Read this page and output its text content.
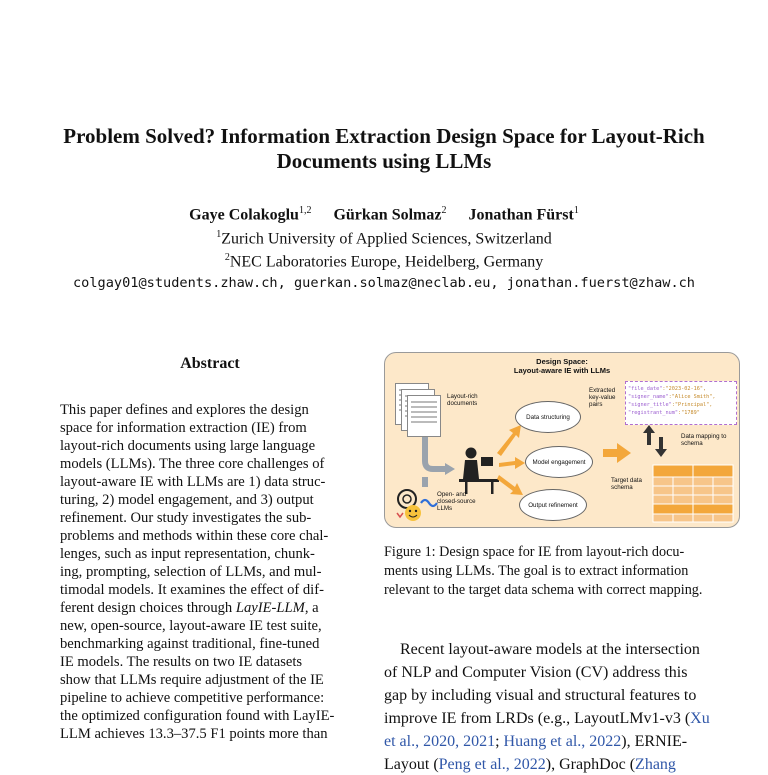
Problem Solved? Information Extraction Design Space for Layout-Rich
Documents using LLMs
Gaye Colakoglu$^{1,2}$ Gürkan Solmaz$^2$ Jonathan Fürst$^1$
$^1$Zurich University of Applied Sciences, Switzerland
$^2$NEC Laboratories Europe, Heidelberg, Germany
colgay01@students.zhaw.ch, guerkan.solmaz@neclab.eu, jonathan.fuerst@zhaw.ch
Abstract
This paper defines and explores the design
space for information extraction (IE) from
layout-rich documents using large language
models (LLMs). The three core challenges of
layout-aware IE with LLMs are 1) data struc-
turing, 2) model engagement, and 3) output
refinement. Our study investigates the sub-
problems and methods within these core chal-
lenges, such as input representation, chunk-
ing, prompting, selection of LLMs, and mul-
timodal models. It examines the effect of dif-
ferent design choices through LayIE-LLM, a
new, open-source, layout-aware IE test suite,
benchmarking against traditional, fine-tuned
IE models. The results on two IE datasets
show that LLMs require adjustment of the IE
pipeline to achieve competitive performance:
the optimized configuration found with LayIE-
LLM achieves 13.3–37.5 F1 points more than
Design Space:
Layout-aware IE with LLMs
Layout-rich documents
Open- and closed-source LLMs
Data structuring
Model engagement
Output refinement
Extracted key-value pairs
"file_date":"2023-02-16",
"signer_name":"Alice Smith",
"signer_title":"Principal",
"registrant_num":"1789"
Data mapping to schema
Target data schema
Figure 1: Design space for IE from layout-rich docu-
ments using LLMs. The goal is to extract information
relevant to the target data schema with correct mapping.
Recent layout-aware models at the intersection
of NLP and Computer Vision (CV) address this
gap by including visual and structural features to
improve IE from LRDs (e.g., LayoutLMv1-v3 (Xu
et al., 2020, 2021; Huang et al., 2022), ERNIE-
Layout (Peng et al., 2022), GraphDoc (Zhang
